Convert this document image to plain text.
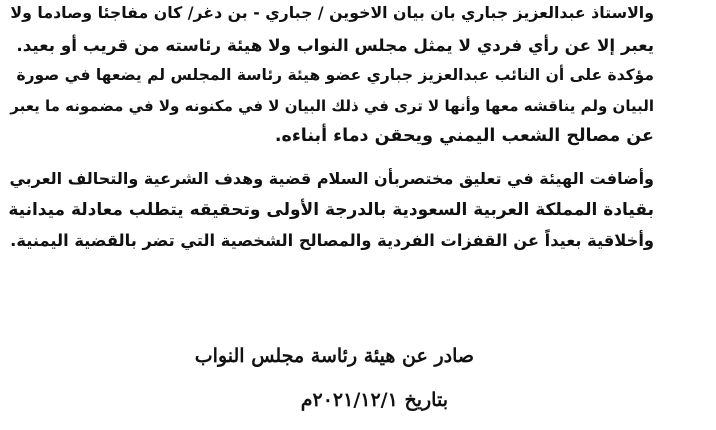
والاستاذ عبدالعزيز جباري بان بيان الاخوين / جباري - بن دغر/ كان مفاجئا وصادما ولا
يعبر إلا عن رأي فردي لا يمثل مجلس النواب ولا هيئة رئاسته من قريب أو بعيد.
مؤكدة على أن النائب عبدالعزيز جباري عضو هيئة رئاسة المجلس لم يضعها في صورة
البيان ولم يناقشه معها وأنها لا ترى في ذلك البيان لا في مكنونه ولا في مضمونه ما يعبر
عن مصالح الشعب اليمني ويحقن دماء أبناءه.
وأضافت الهيئة في تعليق مختصربأن السلام قضية وهدف الشرعية والتحالف العربي
بقيادة المملكة العربية السعودية بالدرجة الأولى وتحقيقه يتطلب معادلة ميدانية
وأخلاقية بعيداً عن القفزات الفردية والمصالح الشخصية التي تضر بالقضية اليمنية.
صادر عن هيئة رئاسة مجلس النواب
بتاريخ ٢٠٢١/١٢/١م
